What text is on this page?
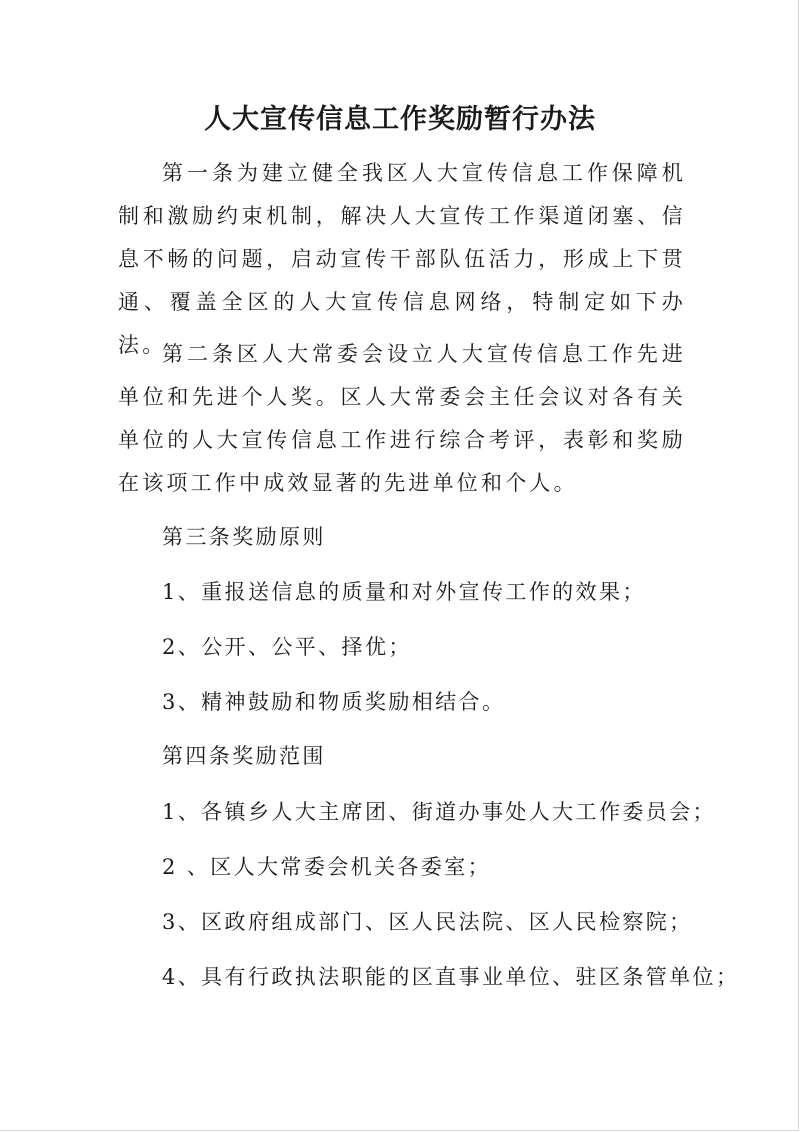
人大宣传信息工作奖励暂行办法
第一条为建立健全我区人大宣传信息工作保障机制和激励约束机制，解决人大宣传工作渠道闭塞、信息不畅的问题，启动宣传干部队伍活力，形成上下贯通、覆盖全区的人大宣传信息网络，特制定如下办法。
第二条区人大常委会设立人大宣传信息工作先进单位和先进个人奖。区人大常委会主任会议对各有关单位的人大宣传信息工作进行综合考评，表彰和奖励在该项工作中成效显著的先进单位和个人。
第三条奖励原则
1、重报送信息的质量和对外宣传工作的效果；
2、公开、公平、择优；
3、精神鼓励和物质奖励相结合。
第四条奖励范围
1、各镇乡人大主席团、街道办事处人大工作委员会；
2 、区人大常委会机关各委室；
3、区政府组成部门、区人民法院、区人民检察院；
4、具有行政执法职能的区直事业单位、驻区条管单位；
